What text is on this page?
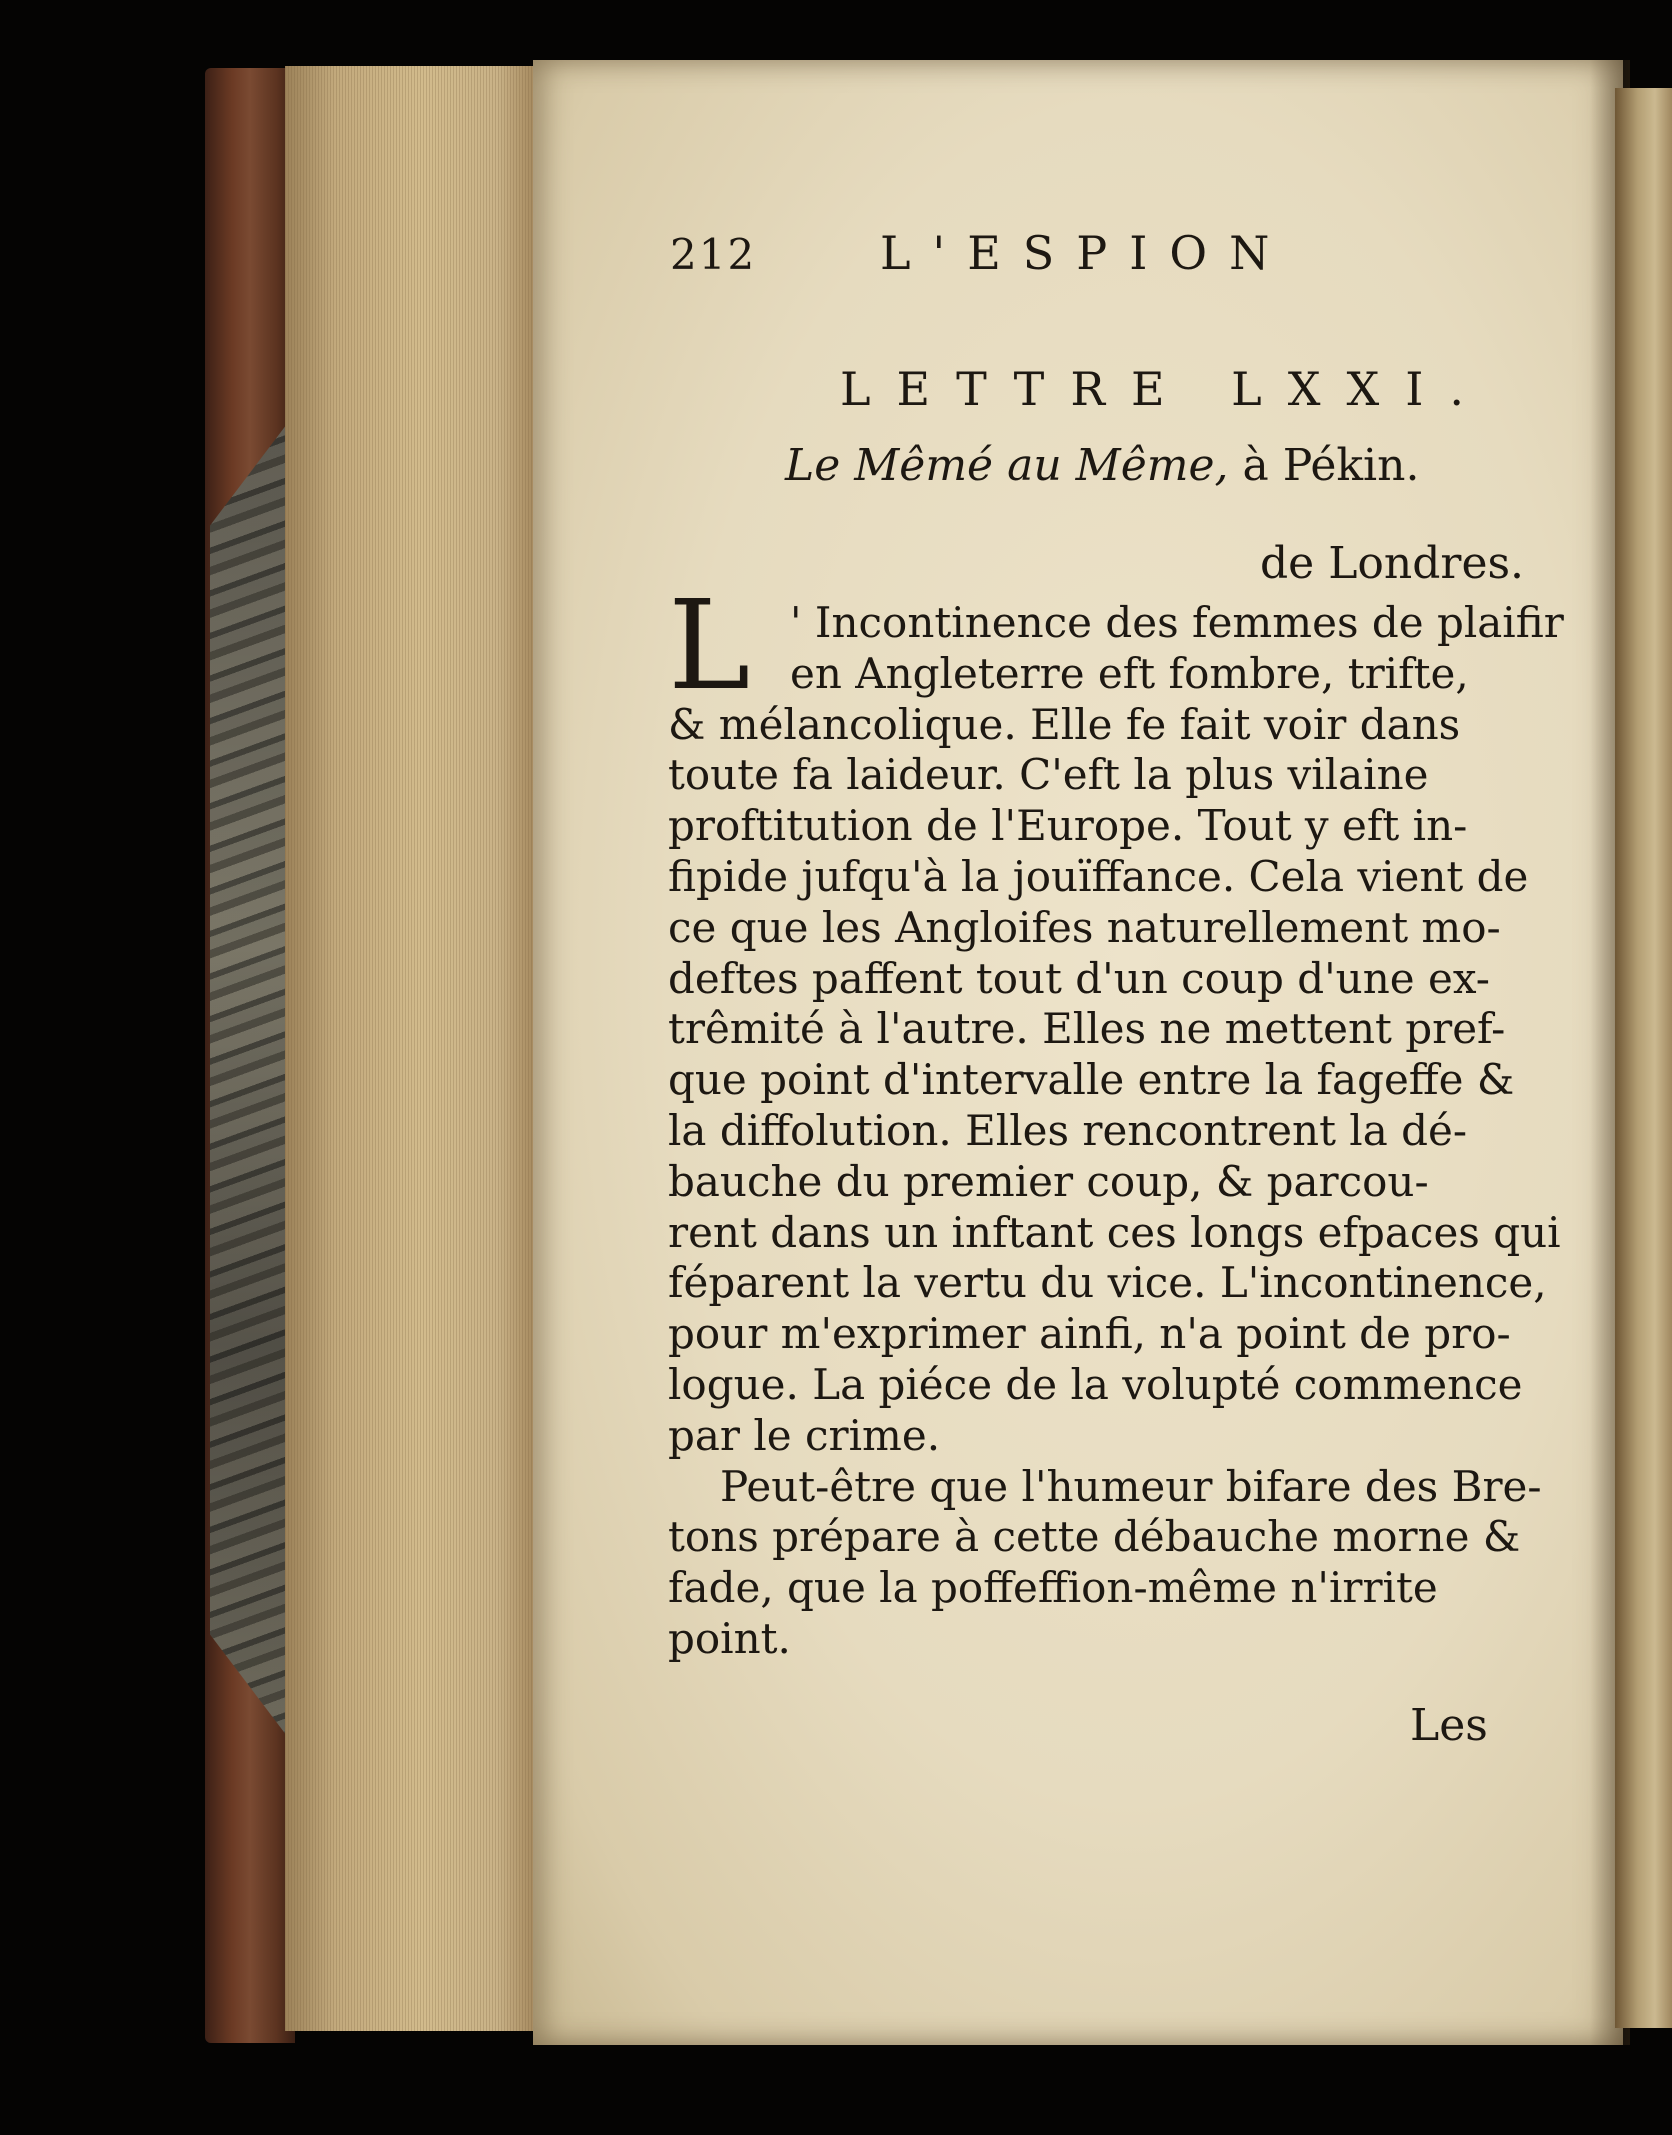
212	L'ESPION
LETTRE LXXI.
Le Mêmé au Même, à Pékin.
de Londres.
L ' Incontinence des femmes de plaifir
en Angleterre eft fombre, trifte,
& mélancolique. Elle fe fait voir dans
toute fa laideur. C'eft la plus vilaine
proftitution de l'Europe. Tout y eft in-
fipide jufqu'à la jouïffance. Cela vient de
ce que les Angloifes naturellement mo-
deftes paffent tout d'un coup d'une ex-
trêmité à l'autre. Elles ne mettent pref-
que point d'intervalle entre la fageffe &
la diffolution. Elles rencontrent la dé-
bauche du premier coup, & parcou-
rent dans un inftant ces longs efpaces qui
féparent la vertu du vice. L'incontinence,
pour m'exprimer ainfi, n'a point de pro-
logue. La piéce de la volupté commence
par le crime.
Peut-être que l'humeur bifare des Bre-
tons prépare à cette débauche morne &
fade, que la poffeffion-même n'irrite
point.
Les
